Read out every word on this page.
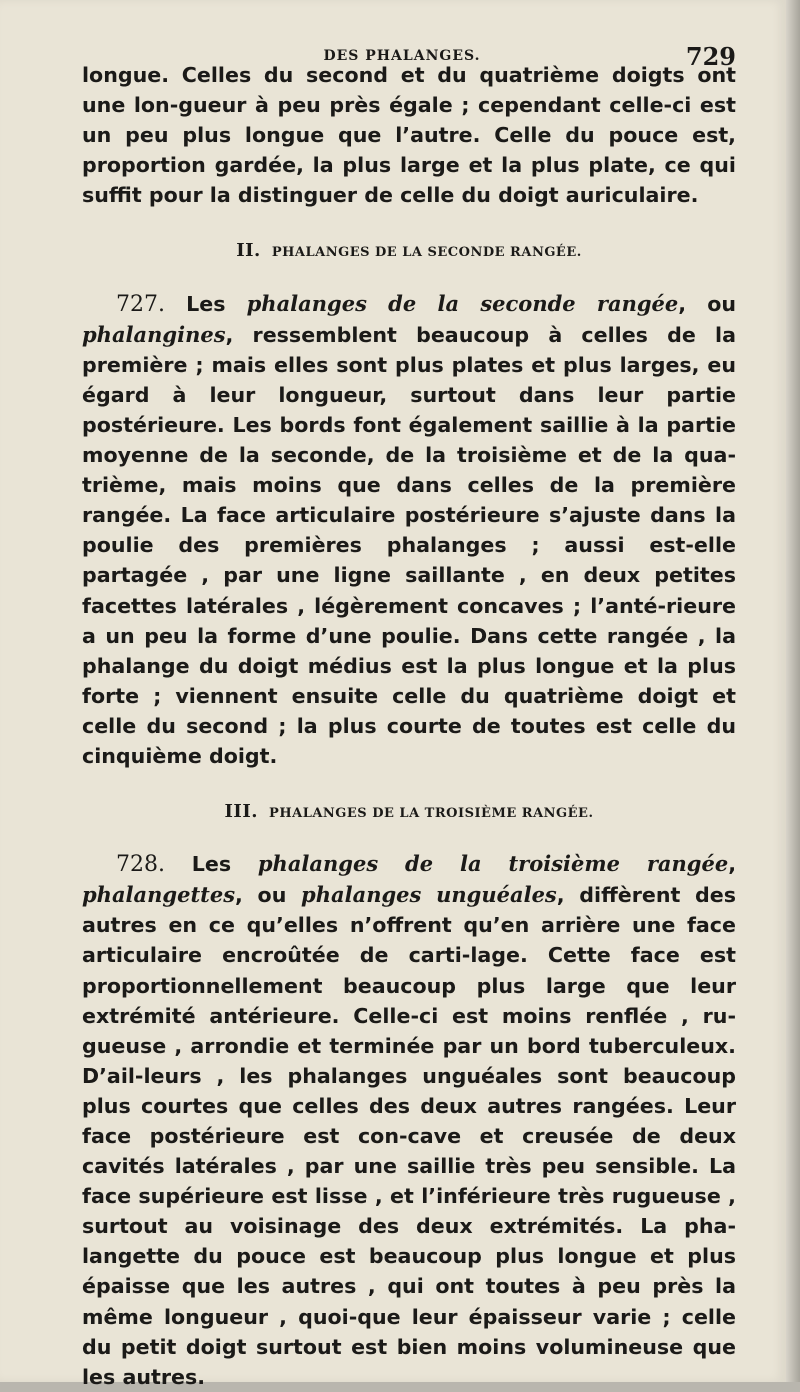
DES PHALANGES.	729

longue. Celles du second et du quatrième doigts ont une lon-gueur à peu près égale ; cependant celle-ci est un peu plus longue que l’autre. Celle du pouce est, proportion gardée, la plus large et la plus plate, ce qui suffit pour la distinguer de celle du doigt auriculaire.

II. PHALANGES DE LA SECONDE RANGÉE.

727. Les phalanges de la seconde rangée, ou phalangines, ressemblent beaucoup à celles de la première ; mais elles sont plus plates et plus larges, eu égard à leur longueur, surtout dans leur partie postérieure. Les bords font également saillie à la partie moyenne de la seconde, de la troisième et de la qua-trième, mais moins que dans celles de la première rangée. La face articulaire postérieure s’ajuste dans la poulie des premières phalanges ; aussi est-elle partagée , par une ligne saillante , en deux petites facettes latérales , légèrement concaves ; l’anté-rieure a un peu la forme d’une poulie. Dans cette rangée , la phalange du doigt médius est la plus longue et la plus forte ; viennent ensuite celle du quatrième doigt et celle du second ; la plus courte de toutes est celle du cinquième doigt.

III. PHALANGES DE LA TROISIÈME RANGÉE.

728. Les phalanges de la troisième rangée, phalangettes, ou phalanges unguéales, diffèrent des autres en ce qu’elles n’offrent qu’en arrière une face articulaire encroûtée de carti-lage. Cette face est proportionnellement beaucoup plus large que leur extrémité antérieure. Celle-ci est moins renflée , ru-gueuse , arrondie et terminée par un bord tuberculeux. D’ail-leurs , les phalanges unguéales sont beaucoup plus courtes que celles des deux autres rangées. Leur face postérieure est con-cave et creusée de deux cavités latérales , par une saillie très peu sensible. La face supérieure est lisse , et l’inférieure très rugueuse , surtout au voisinage des deux extrémités. La pha-langette du pouce est beaucoup plus longue et plus épaisse que les autres , qui ont toutes à peu près la même longueur , quoi-que leur épaisseur varie ; celle du petit doigt surtout est bien moins volumineuse que les autres.
